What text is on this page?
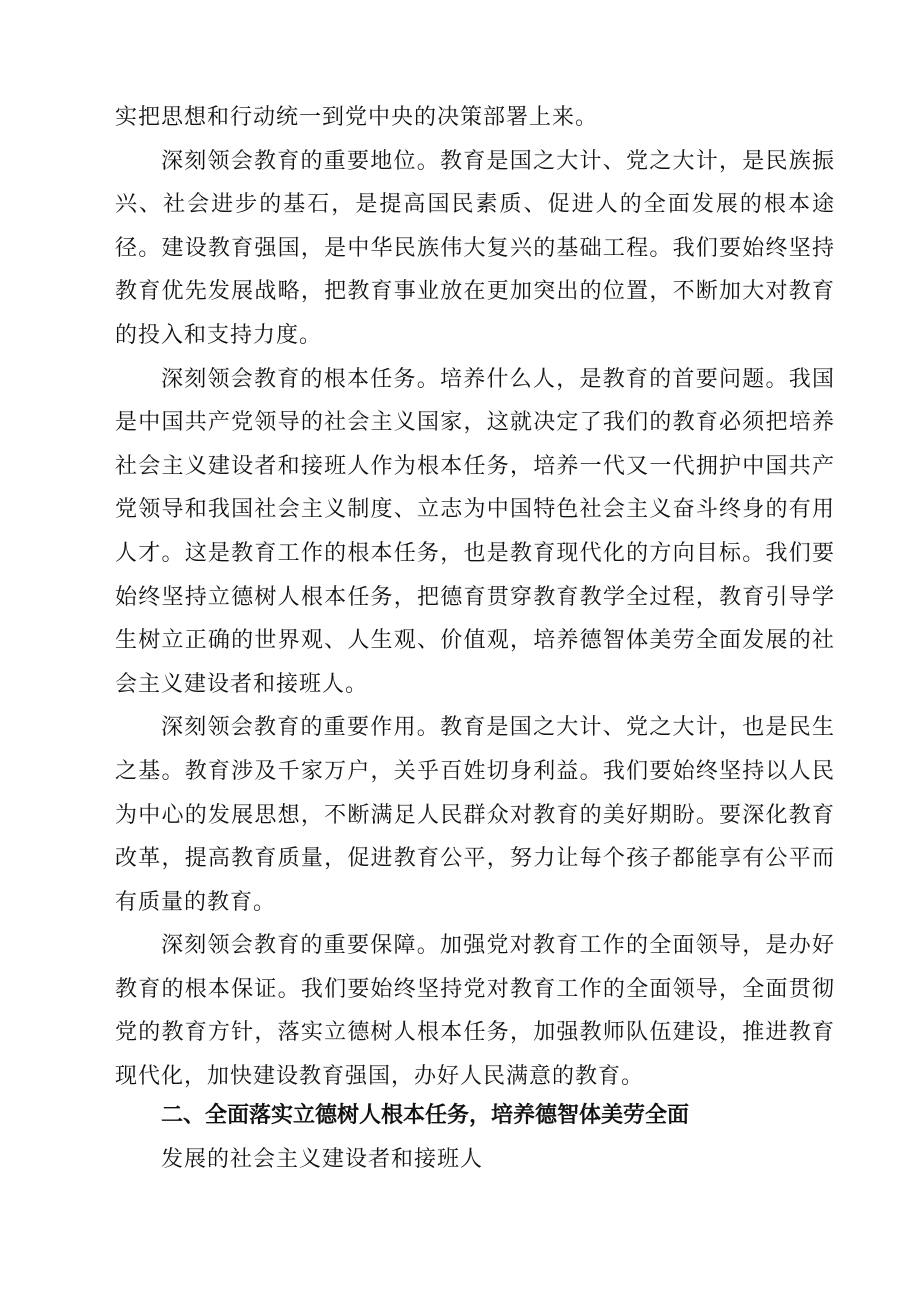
实把思想和行动统一到党中央的决策部署上来。

深刻领会教育的重要地位。教育是国之大计、党之大计，是民族振兴、社会进步的基石，是提高国民素质、促进人的全面发展的根本途径。建设教育强国，是中华民族伟大复兴的基础工程。我们要始终坚持教育优先发展战略，把教育事业放在更加突出的位置，不断加大对教育的投入和支持力度。

深刻领会教育的根本任务。培养什么人，是教育的首要问题。我国是中国共产党领导的社会主义国家，这就决定了我们的教育必须把培养社会主义建设者和接班人作为根本任务，培养一代又一代拥护中国共产党领导和我国社会主义制度、立志为中国特色社会主义奋斗终身的有用人才。这是教育工作的根本任务，也是教育现代化的方向目标。我们要始终坚持立德树人根本任务，把德育贯穿教育教学全过程，教育引导学生树立正确的世界观、人生观、价值观，培养德智体美劳全面发展的社会主义建设者和接班人。

深刻领会教育的重要作用。教育是国之大计、党之大计，也是民生之基。教育涉及千家万户，关乎百姓切身利益。我们要始终坚持以人民为中心的发展思想，不断满足人民群众对教育的美好期盼。要深化教育改革，提高教育质量，促进教育公平，努力让每个孩子都能享有公平而有质量的教育。

深刻领会教育的重要保障。加强党对教育工作的全面领导，是办好教育的根本保证。我们要始终坚持党对教育工作的全面领导，全面贯彻党的教育方针，落实立德树人根本任务，加强教师队伍建设，推进教育现代化，加快建设教育强国，办好人民满意的教育。

二、全面落实立德树人根本任务，培养德智体美劳全面
发展的社会主义建设者和接班人
